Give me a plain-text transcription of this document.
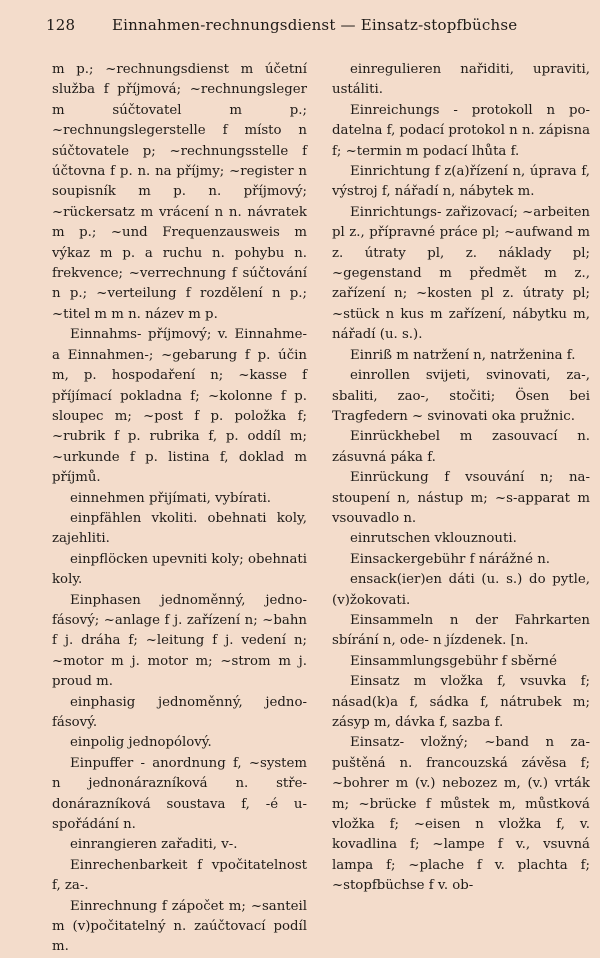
128 Einnahmen-rechnungsdienst — Einsatz-stopfbüchse

m p.; ~rechnungsdienst m účetní služba f příjmová; ~rechnungsleger m súčtovatel m p.; ~rechnungslegerstelle f místo n súčtovatele p; ~rechnungsstelle f účtovna f p. n. na příjmy; ~register n soupisník m p. n. příjmový; ~rückersatz m vrácení n n. návratek m p.; ~und Frequenzausweis m výkaz m p. a ruchu n. pohybu n. frekvence; ~verrechnung f súčtování n p.; ~verteilung f rozdělení n p.; ~titel m m n. název m p.

Einnahms- příjmový; v. Einnahme- a Einnahmen-; ~gebarung f p. účin m, p. hospodaření n; ~kasse f příjímací pokladna f; ~kolonne f p. sloupec m; ~post f p. položka f; ~rubrik f p. rubrika f, p. oddíl m; ~urkunde f p. listina f, doklad m příjmů.

einnehmen přijímati, vybírati.

einpfählen vkoliti. obehnati koly, zajehliti.

einpflöcken upevniti koly; obehnati koly.

Einphasen jednoměnný, jednofásový; ~anlage f j. zařízení n; ~bahn f j. dráha f; ~leitung f j. vedení n; ~motor m j. motor m; ~strom m j. proud m.

einphasig jednoměnný, jednofásový.

einpolig jednopólový.

Einpuffer - anordnung f, ~system n jednonárazníková n. středonárazníková soustava f, -é uspořádání n.

einrangieren zařaditi, v-.

Einrechenbarkeit f vpočitatelnost f, za-.

Einrechnung f zápočet m; ~santeil m (v)počitatelný n. zaúčtovací podíl m.

einregulieren nařiditi, upraviti, ustáliti.

Einreichungs - protokoll n podatelna f, podací protokol n n. zápisna f; ~termin m podací lhůta f.

Einrichtung f z(a)řízení n, úprava f, výstroj f, nářadí n, nábytek m.

Einrichtungs- zařizovací; ~arbeiten pl z., přípravné práce pl; ~aufwand m z. útraty pl, z. náklady pl; ~gegenstand m předmět m z., zařízení n; ~kosten pl z. útraty pl; ~stück n kus m zařízení, nábytku m, nářadí (u. s.).

Einriß m natržení n, natrženina f.

einrollen svijeti, svinovati, za-, sbaliti, zao-, stočiti; Ösen bei Tragfedern ~ svinovati oka pružnic.

Einrückhebel m zasouvací n. zásuvná páka f.

Einrückung f vsouvání n; nastoupení n, nástup m; ~s-apparat m vsouvadlo n.

einrutschen vklouznouti.

Einsackergebühr f nárážné n.

ensack(ier)en dáti (u. s.) do pytle, (v)žokovati.

Einsammeln n der Fahrkarten sbírání n, ode- n jízdenek. [n.

Einsammlungsgebühr f sběrné

Einsatz m vložka f, vsuvka f; násad(k)a f, sádka f, nátrubek m; zásyp m, dávka f, sazba f.

Einsatz- vložný; ~band n zapuštěná n. francouzská závěsa f; ~bohrer m (v.) nebozez m, (v.) vrták m; ~brücke f můstek m, můstková vložka f; ~eisen n vložka f, v. kovadlina f; ~lampe f v., vsuvná lampa f; ~plache f v. plachta f; ~stopfbüchse f v. ob-
